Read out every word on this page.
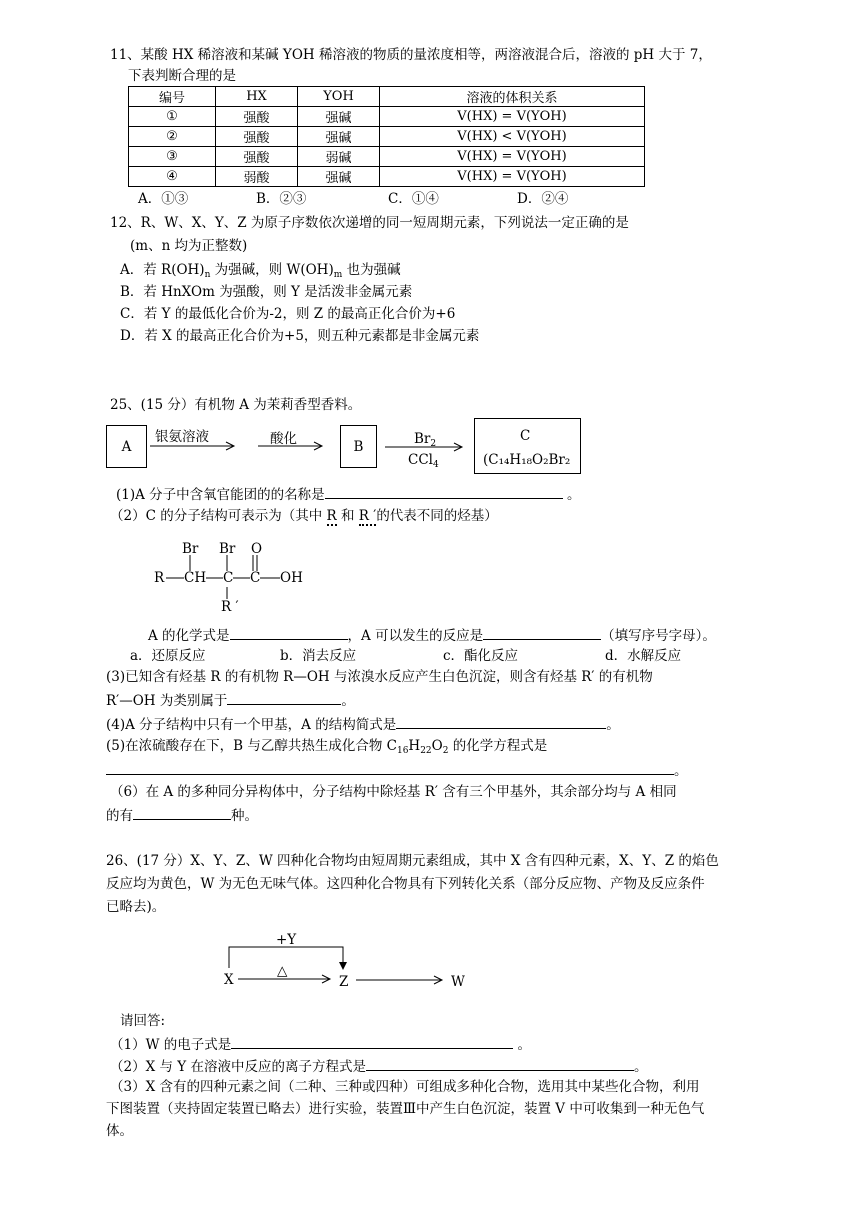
11、某酸 HX 稀溶液和某碱 YOH 稀溶液的物质的量浓度相等，两溶液混合后，溶液的 pH 大于 7，
下表判断合理的是
编号	HX	YOH	溶液的体积关系
①	强酸	强碱	V(HX) = V(YOH)
②	强酸	强碱	V(HX) < V(YOH)
③	强酸	弱碱	V(HX) = V(YOH)
④	弱酸	强碱	V(HX) = V(YOH)
A．①③	B．②③	C．①④	D．②④
12、R、W、X、Y、Z 为原子序数依次递增的同一短周期元素，下列说法一定正确的是
(m、n 均为正整数)
A．若 $R(OH)_n$ 为强碱，则 $W(OH)_m$ 也为强碱
B．若 HnXOm 为强酸，则 Y 是活泼非金属元素
C．若 Y 的最低化合价为-2，则 Z 的最高正化合价为+6
D．若 X 的最高正化合价为+5，则五种元素都是非金属元素
25、(15 分）有机物 A 为茉莉香型香料。
A
银氨溶液	酸化	B	$Br_2$
CCl$_4$
C
(C₁₄H₁₈O₂Br₂
(1)A 分子中含氧官能团的的名称是	。
（2）C 的分子结构可表示为（其中 R 和 R ′的代表不同的烃基）
Br Br O
R CH C C OH
R ′
A 的化学式是	，A 可以发生的反应是	（填写序号字母）。
a．还原反应	b．消去反应	c．酯化反应	d．水解反应
(3)已知含有烃基 R 的有机物 R—OH 与浓溴水反应产生白色沉淀，则含有烃基 R′ 的有机物
R′—OH 为类别属于	。
(4)A 分子结构中只有一个甲基，A 的结构简式是	。
(5)在浓硫酸存在下，B 与乙醇共热生成化合物 $C_{16}H_{22}O_2$ 的化学方程式是
。
（6）在 A 的多种同分异构体中，分子结构中除烃基 R′ 含有三个甲基外，其余部分均与 A 相同
的有	种。
26、(17 分）X、Y、Z、W 四种化合物均由短周期元素组成，其中 X 含有四种元素，X、Y、Z 的焰色
反应均为黄色，W 为无色无味气体。这四种化合物具有下列转化关系（部分反应物、产物及反应条件
已略去)。
+Y
X
△
Z	W
请回答:
（1）W 的电子式是	。
（2）X 与 Y 在溶液中反应的离子方程式是	。
（3）X 含有的四种元素之间（二种、三种或四种）可组成多种化合物，选用其中某些化合物，利用
下图装置（夹持固定装置已略去）进行实验，装置Ⅲ中产生白色沉淀，装置 V 中可收集到一种无色气
体。
